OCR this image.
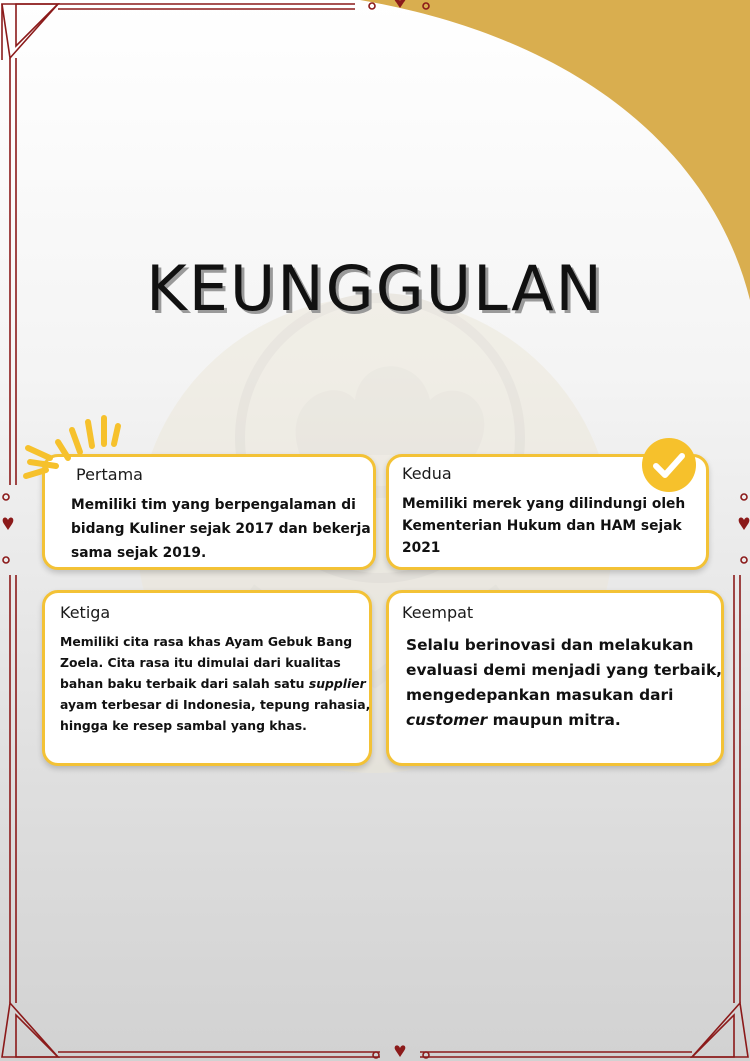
KEUNGGULAN
Pertama

Memiliki tim yang berpengalaman di bidang Kuliner sejak 2017 dan bekerja sama sejak 2019.

Kedua

Memiliki merek yang dilindungi oleh Kementerian Hukum dan HAM sejak 2021

Ketiga

Memiliki cita rasa khas Ayam Gebuk Bang Zoela. Cita rasa itu dimulai dari kualitas bahan baku terbaik dari salah satu supplier ayam terbesar di Indonesia, tepung rahasia, hingga ke resep sambal yang khas.

Keempat

Selalu berinovasi dan melakukan evaluasi demi menjadi yang terbaik, mengedepankan masukan dari customer maupun mitra.
